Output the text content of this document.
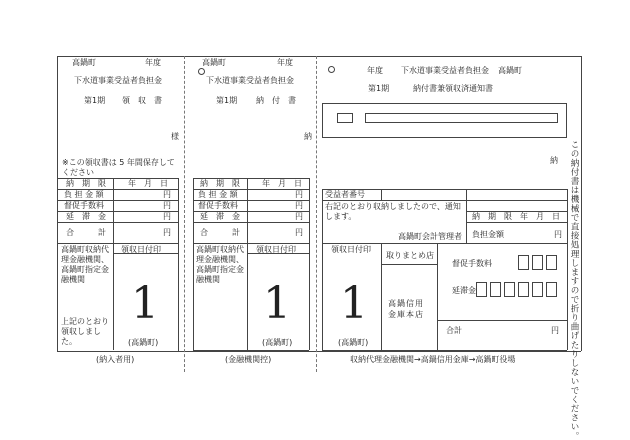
高鍋町	年度
下水道事業受益者負担金
第1期 領　収　書
様
※この領収書は 5 年間保存してください
納　期　限	年　月　日
負 担 金 額	円
督促手数料	円
延　滞　金	円
合　　　計	円
高鍋町収納代理金融機関、高鍋町指定金融機関
領収日付印
1
(高鍋町)
上記のとおり領収しました。
(納入者用)
高鍋町	年度
下水道事業受益者負担金
第1期 納　付　書
納
納　期　限	年　月　日
負 担 金 額	円
督促手数料	円
延　滞　金	円
合　　　計	円
高鍋町収納代理金融機関、高鍋町指定金融機関
領収日付印
1
(高鍋町)
(金融機関控)
年度 下水道事業受益者負担金 高鍋町
第1期	納付書兼領収済通知書
納
受益者番号
右記のとおり収納しましたので、通知します。
高鍋町会計管理者
領収日付印
1
(高鍋町)
取りまとめ店
高鍋信用金庫本店
納　期　限 年　月　日
負担金額	円
督促手数料
延滞金
合計	円
収納代理金融機関→高鍋信用金庫→高鍋町役場	この納付書は機械で直接処理しますので折り曲げたりしないでください。
